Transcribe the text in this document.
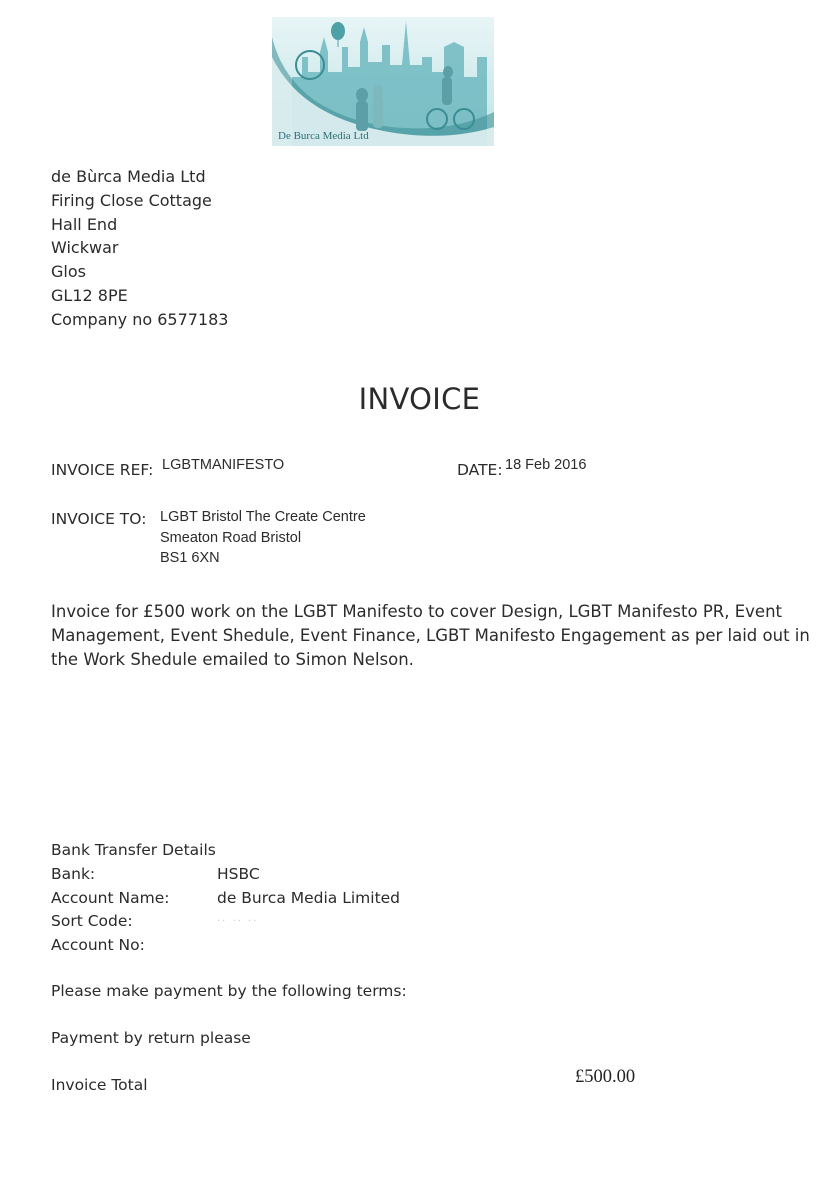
De Burca Media Ltd
de Bùrca Media Ltd
Firing Close Cottage
Hall End
Wickwar
Glos
GL12 8PE
Company no 6577183
INVOICE
INVOICE REF: LGBTMANIFESTO	DATE: 18 Feb 2016
INVOICE TO: LGBT Bristol The Create Centre
Smeaton Road Bristol
BS1 6XN
Invoice for £500 work on the LGBT Manifesto to cover Design, LGBT Manifesto PR, Event Management, Event Shedule, Event Finance, LGBT Manifesto Engagement as per laid out in the Work Shedule emailed to Simon Nelson.
Bank Transfer Details
Bank:	HSBC
Account Name:	de Burca Media Limited
Sort Code:	·· ·· ··
Account No:
Please make payment by the following terms:
Payment by return please
Invoice Total	£500.00
